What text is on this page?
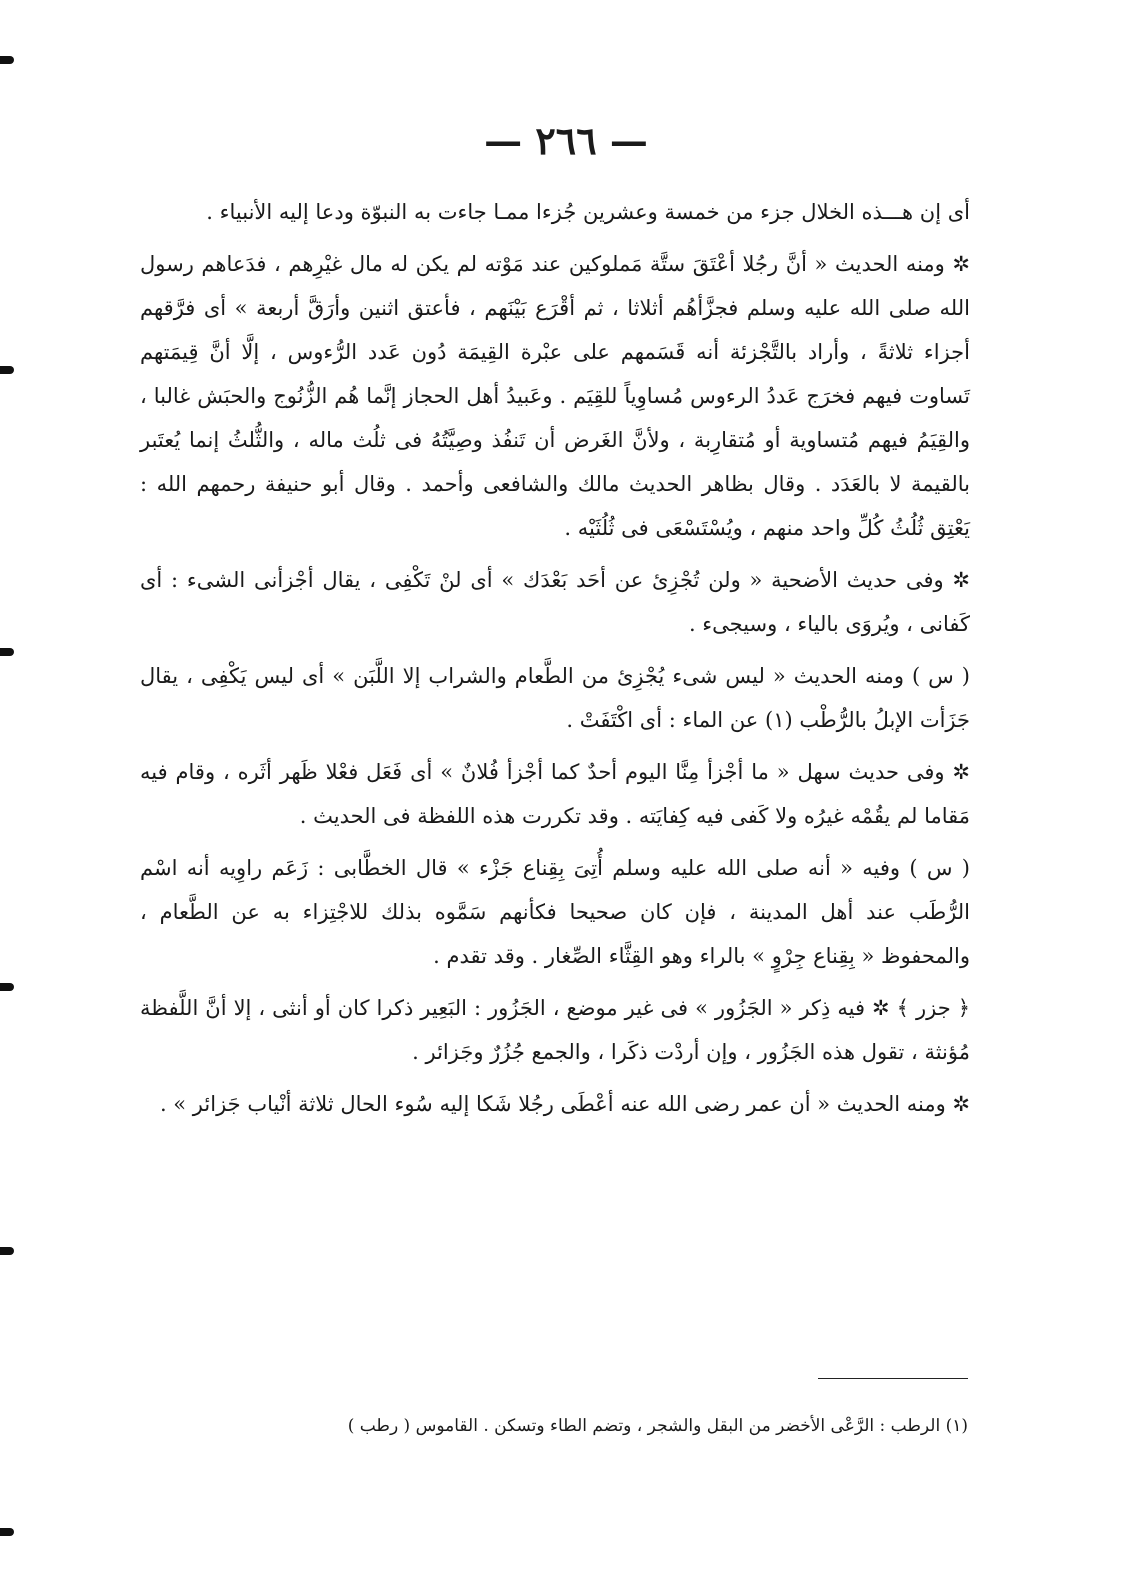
— ٢٦٦ —

أى إن هـــذه الخلال جزء من خمسة وعشرين جُزءا ممـا جاءت به النبوّة ودعا إليه الأنبياء .

✲ ومنه الحديث « أنَّ رجُلا أعْتَقَ ستَّة مَملوكين عند مَوْته لم يكن له مال غيْرِهم ، فدَعاهم رسول الله صلى الله عليه وسلم فجزَّأهُم أثلاثا ، ثم أقْرَع بَيْنَهم ، فأعتق اثنين وأرَقَّ أربعة » أى فرَّقهم أجزاء ثلاثةً ، وأراد بالتَّجْزئة أنه قَسَمهم على عبْرة القِيمَة دُون عَدد الرُّءوس ، إلَّا أنَّ قِيمَتهم تَساوت فيهم فخرَج عَددُ الرءوس مُساوِياً للقِيَم . وعَبيدُ أهل الحجاز إنَّما هُم الزُّنُوج والحبَش غالبا ، والقِيَمُ فيهم مُتساوية أو مُتقارِبة ، ولأنَّ الغَرض أن تَنفُذ وصِيَّتُهُ فى ثلُث ماله ، والثُّلثُ إنما يُعتَبر بالقيمة لا بالعَدَد . وقال بظاهر الحديث مالك والشافعى وأحمد . وقال أبو حنيفة رحمهم الله : يَعْتِق ثُلُثُ كُلِّ واحد منهم ، ويُسْتَسْعَى فى ثُلُثَيْه .

✲ وفى حديث الأضحية « ولن تُجْزِئ عن أحَد بَعْدَك » أى لنْ تَكْفِى ، يقال أجْزأنى الشىء : أى كَفانى ، ويُروَى بالياء ، وسيجىء .

( س ) ومنه الحديث « ليس شىء يُجْزِئ من الطَّعام والشراب إلا اللَّبَن » أى ليس يَكْفِى ، يقال جَزَأت الإبلُ بالرُّطْب (١) عن الماء : أى اكْتَفَتْ .

✲ وفى حديث سهل « ما أجْزأ مِنَّا اليوم أحدٌ كما أجْزأ فُلانٌ » أى فَعَل فعْلا ظَهر أثَره ، وقام فيه مَقاما لم يقُمْه غيرُه ولا كَفى فيه كِفايَته . وقد تكررت هذه اللفظة فى الحديث .

( س ) وفيه « أنه صلى الله عليه وسلم أُتِىَ بِقِناع جَزْء » قال الخطَّابى : زَعَم راوِيه أنه اسْم الرُّطَب عند أهل المدينة ، فإن كان صحيحا فكأنهم سَمَّوه بذلك للاجْتِزاء به عن الطَّعام ، والمحفوظ « بِقِناع جِرْوٍ » بالراء وهو القِثَّاء الصِّغار . وقد تقدم .

﴿ جزر ﴾ ✲ فيه ذِكر « الجَزُور » فى غير موضع ، الجَزُور : البَعِير ذكرا كان أو أنثى ، إلا أنَّ اللَّفظة مُؤنثة ، تقول هذه الجَزُور ، وإن أردْت ذكَرا ، والجمع جُزُرٌ وجَزائر .

✲ ومنه الحديث « أن عمر رضى الله عنه أعْطَى رجُلا شَكا إليه سُوء الحال ثلاثة أنْياب جَزائر » .

(١) الرطب : الرَّعْى الأخضر من البقل والشجر ، وتضم الطاء وتسكن . القاموس ( رطب )
